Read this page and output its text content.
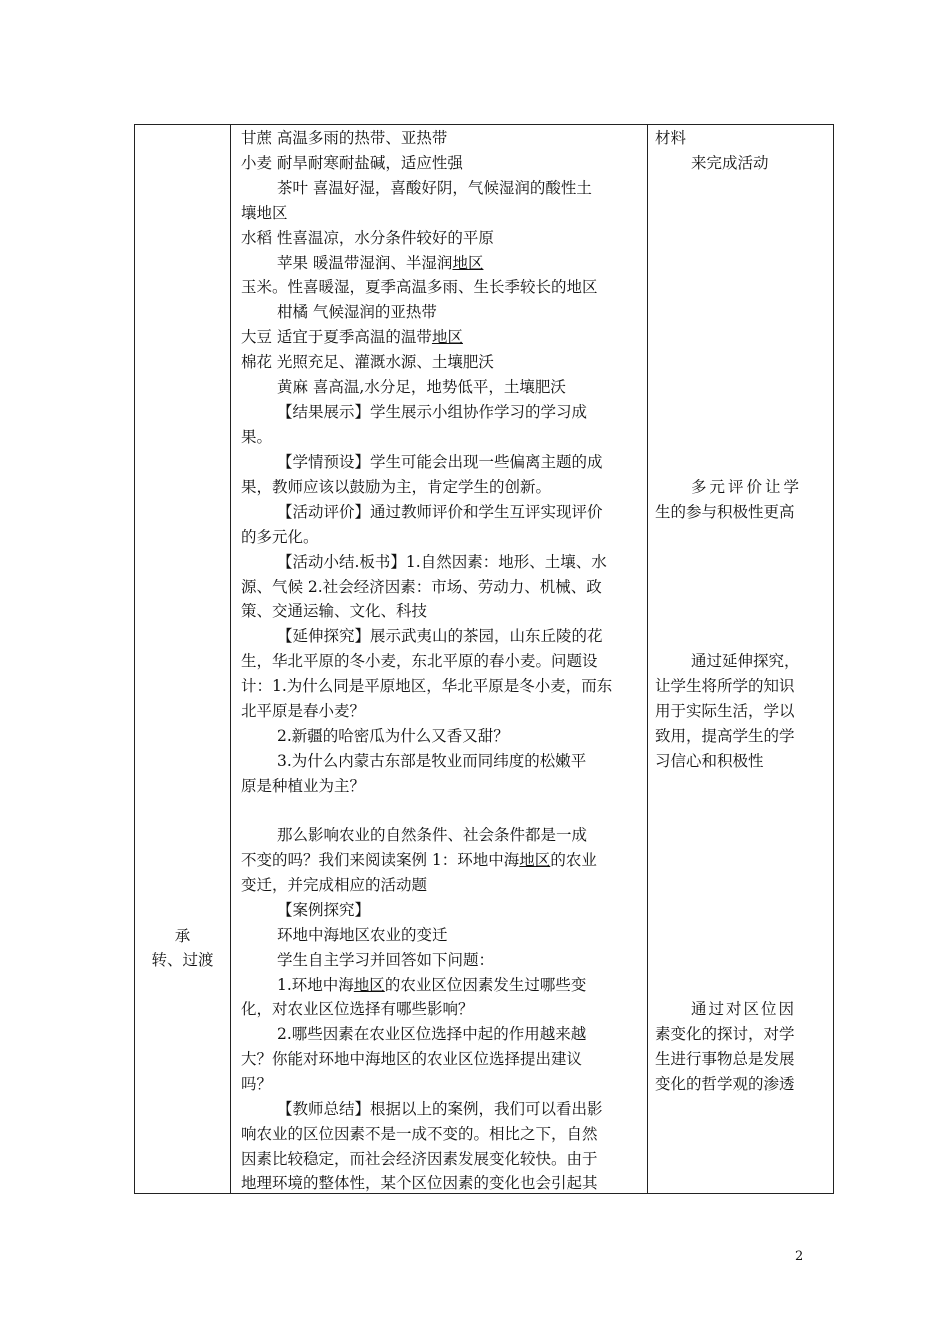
承
转、过渡
甘蔗 高温多雨的热带、亚热带
小麦 耐旱耐寒耐盐碱，适应性强
茶叶 喜温好湿，喜酸好阴，气候湿润的酸性土
壤地区
水稻 性喜温凉，水分条件较好的平原
苹果 暖温带湿润、半湿润地区
玉米。性喜暖湿，夏季高温多雨、生长季较长的地区
柑橘 气候湿润的亚热带
大豆 适宜于夏季高温的温带地区
棉花 光照充足、灌溉水源、土壤肥沃
黄麻 喜高温,水分足，地势低平，土壤肥沃
【结果展示】学生展示小组协作学习的学习成
果。
【学情预设】学生可能会出现一些偏离主题的成
果，教师应该以鼓励为主，肯定学生的创新。
【活动评价】通过教师评价和学生互评实现评价
的多元化。
【活动小结.板书】1.自然因素：地形、土壤、水
源、气候 2.社会经济因素：市场、劳动力、机械、政
策、交通运输、文化、科技
【延伸探究】展示武夷山的茶园，山东丘陵的花
生，华北平原的冬小麦，东北平原的春小麦。问题设
计：1.为什么同是平原地区，华北平原是冬小麦，而东
北平原是春小麦？
2.新疆的哈密瓜为什么又香又甜？
3.为什么内蒙古东部是牧业而同纬度的松嫩平
原是种植业为主？
那么影响农业的自然条件、社会条件都是一成
不变的吗？我们来阅读案例 1：环地中海地区的农业
变迁，并完成相应的活动题
【案例探究】
环地中海地区农业的变迁
学生自主学习并回答如下问题：
1.环地中海地区的农业区位因素发生过哪些变
化，对农业区位选择有哪些影响？
2.哪些因素在农业区位选择中起的作用越来越
大？你能对环地中海地区的农业区位选择提出建议
吗？
【教师总结】根据以上的案例，我们可以看出影
响农业的区位因素不是一成不变的。相比之下，自然
因素比较稳定，而社会经济因素发展变化较快。由于
地理环境的整体性，某个区位因素的变化也会引起其
材料
来完成活动
多元评价让学
生的参与积极性更高
通过延伸探究，
让学生将所学的知识
用于实际生活，学以
致用，提高学生的学
习信心和积极性
通过对区位因
素变化的探讨，对学
生进行事物总是发展
变化的哲学观的渗透
2
